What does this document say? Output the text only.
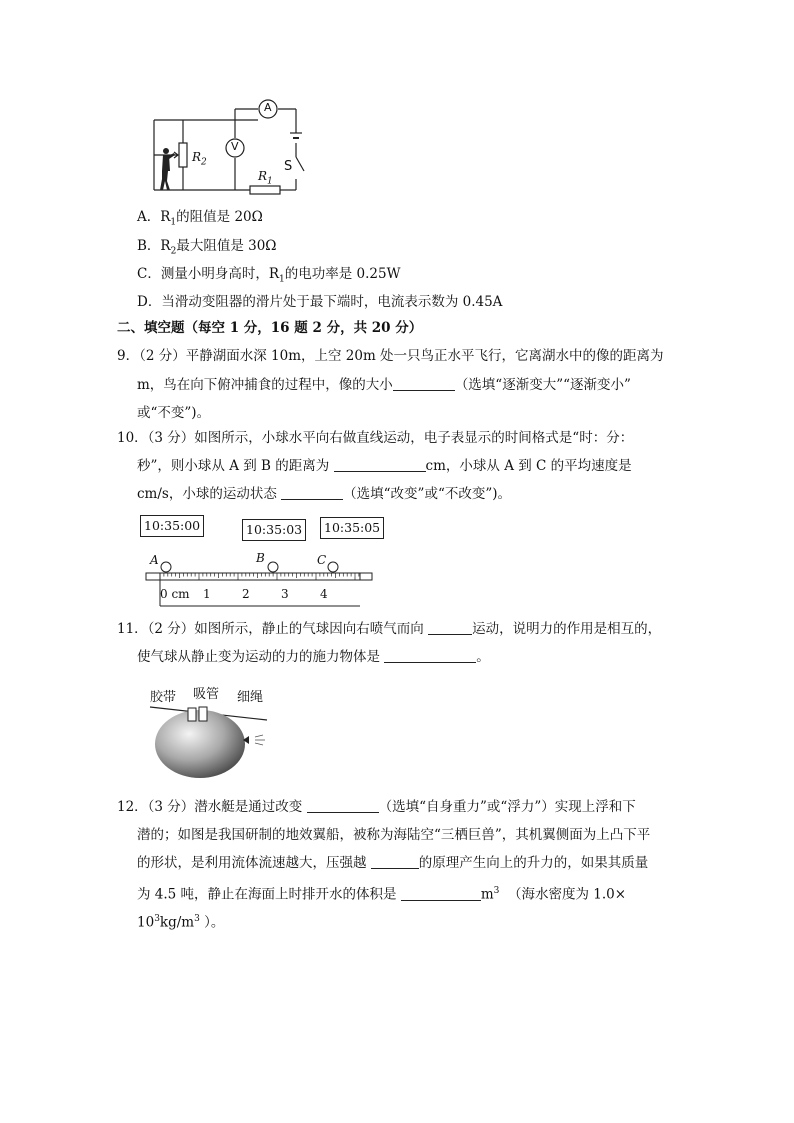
A
V
$R_2$
$R_1$
S
A．$R_1$的阻值是 20Ω
B．$R_2$最大阻值是 30Ω
C．测量小明身高时，$R_1$的电功率是 0.25W
D．当滑动变阻器的滑片处于最下端时，电流表示数为 0.45A
二、填空题（每空 1 分，16 题 2 分，共 20 分）
9．（2 分）平静湖面水深 10m，上空 20m 处一只鸟正水平飞行，它离湖水中的像的距离为
m，鸟在向下俯冲捕食的过程中，像的大小	（选填“逐渐变大”“逐渐变小”
或“不变”)。
10．（3 分）如图所示，小球水平向右做直线运动，电子表显示的时间格式是“时：分：
秒”，则小球从 A 到 B 的距离为	cm，小球从 A 到 C 的平均速度是
cm/s，小球的运动状态	（选填“改变”或“不改变”)。
10:35:00	10:35:03	10:35:05
A	B	C
0 cm 1	2	3	4
11．（2 分）如图所示，静止的气球因向右喷气而向	运动，说明力的作用是相互的，
使气球从静止变为运动的力的施力物体是	。
胶带 吸管 细绳
12．（3 分）潜水艇是通过改变	（选填“自身重力”或“浮力”）实现上浮和下
潜的；如图是我国研制的地效翼船，被称为海陆空“三栖巨兽”，其机翼侧面为上凸下平
的形状，是利用流体流速越大，压强越	的原理产生向上的升力的，如果其质量
为 4.5 吨，静止在海面上时排开水的体积是	$m^3$ （海水密度为 1.0×
$10^3kg/m^3$ ）。
